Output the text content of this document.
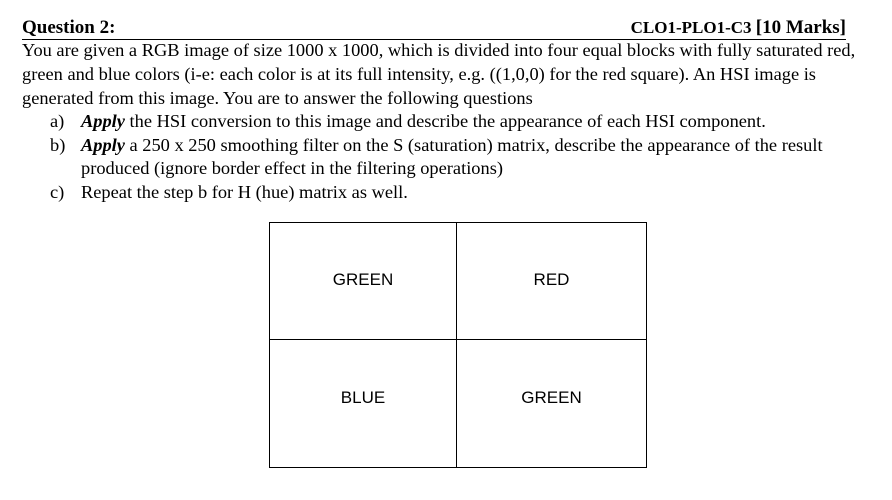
Question 2:	CLO1-PLO1-C3 [10 Marks]
You are given a RGB image of size 1000 x 1000, which is divided into four equal blocks with fully saturated red, green and blue colors (i-e: each color is at its full intensity, e.g. ((1,0,0) for the red square). An HSI image is generated from this image. You are to answer the following questions
a) Apply the HSI conversion to this image and describe the appearance of each HSI component.
b) Apply a 250 x 250 smoothing filter on the S (saturation) matrix, describe the appearance of the result produced (ignore border effect in the filtering operations)
c) Repeat the step b for H (hue) matrix as well.
GREEN	RED
BLUE	GREEN
